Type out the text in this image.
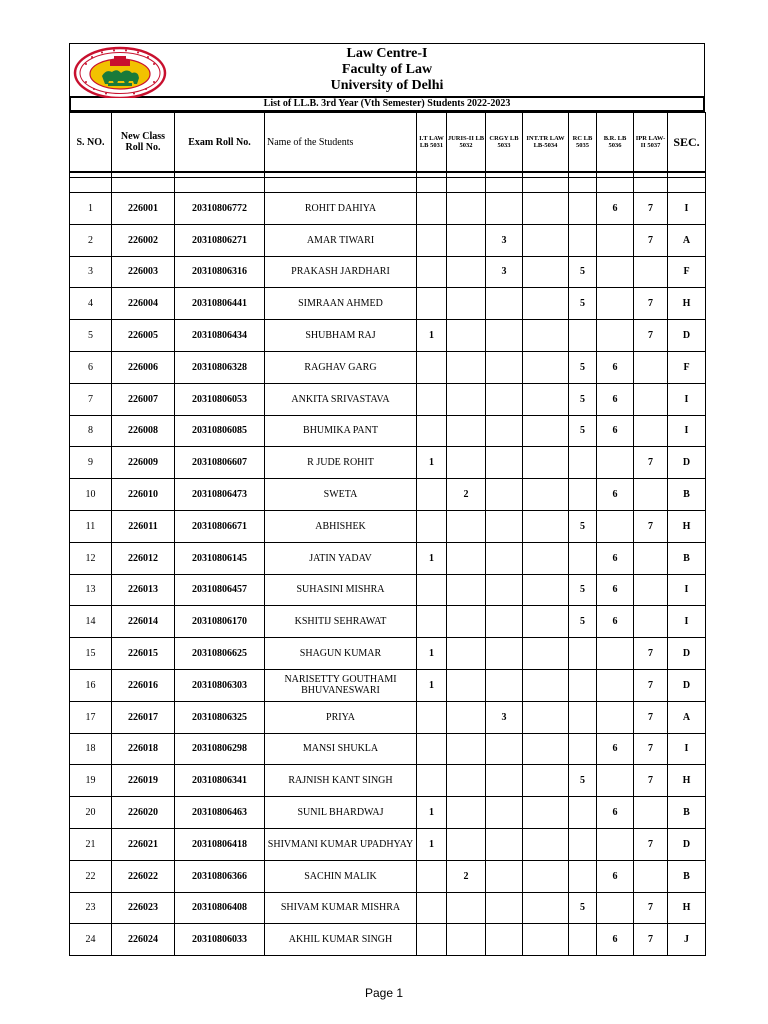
Law Centre-I
Faculty of Law
University of Delhi
List of LL.B. 3rd Year (Vth Semester) Students 2022-2023
S. NO.	New Class Roll No.	Exam Roll No.	Name of the Students	I.T LAW LB 5031	JURIS-II LB 5032	CRGY LB 5033	INT.TR LAW LB-5034	RC LB 5035	B.R. LB 5036	IPR LAW-II 5037	SEC.

1	226001	20310806772	ROHIT DAHIYA						6	7	I
2	226002	20310806271	AMAR TIWARI			3				7	A
3	226003	20310806316	PRAKASH JARDHARI			3		5			F
4	226004	20310806441	SIMRAAN AHMED					5		7	H
5	226005	20310806434	SHUBHAM RAJ	1						7	D
6	226006	20310806328	RAGHAV GARG					5	6		F
7	226007	20310806053	ANKITA SRIVASTAVA					5	6		I
8	226008	20310806085	BHUMIKA PANT					5	6		I
9	226009	20310806607	R JUDE ROHIT	1						7	D
10	226010	20310806473	SWETA		2				6		B
11	226011	20310806671	ABHISHEK					5		7	H
12	226012	20310806145	JATIN YADAV	1					6		B
13	226013	20310806457	SUHASINI MISHRA					5	6		I
14	226014	20310806170	KSHITIJ SEHRAWAT					5	6		I
15	226015	20310806625	SHAGUN KUMAR	1						7	D
16	226016	20310806303	NARISETTY GOUTHAMI BHUVANESWARI	1						7	D
17	226017	20310806325	PRIYA			3				7	A
18	226018	20310806298	MANSI SHUKLA						6	7	I
19	226019	20310806341	RAJNISH KANT SINGH					5		7	H
20	226020	20310806463	SUNIL BHARDWAJ	1					6		B
21	226021	20310806418	SHIVMANI KUMAR UPADHYAY	1						7	D
22	226022	20310806366	SACHIN MALIK		2				6		B
23	226023	20310806408	SHIVAM KUMAR MISHRA					5		7	H
24	226024	20310806033	AKHIL KUMAR SINGH						6	7	J
Page 1
